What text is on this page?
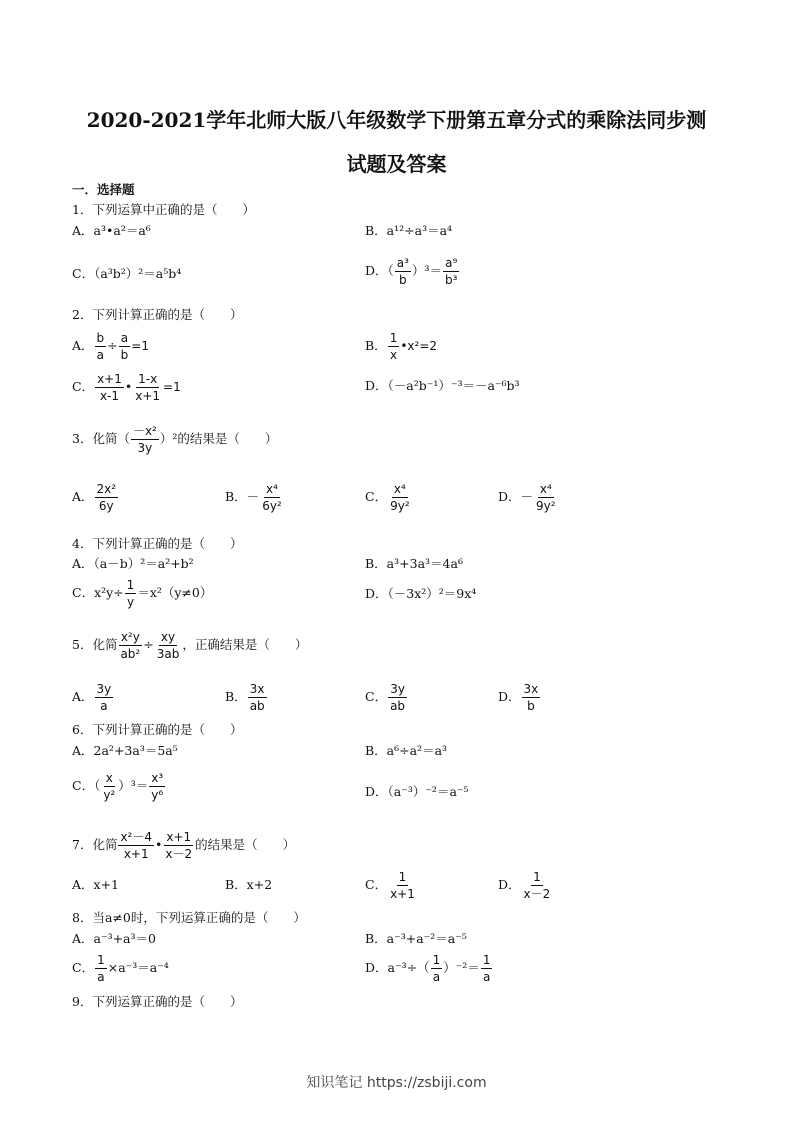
2020-2021学年北师大版八年级数学下册第五章分式的乘除法同步测
试题及答案
一．选择题
1．下列运算中正确的是（　　）
A．a³•a²＝a⁶	B．a¹²÷a³＝a⁴
C．（a³b²）²＝a⁵b⁴	D．（ $\frac{\text{a³}}{b} )^3= \frac{\text{a⁹}}{\text{b³}}$
2．下列计算正确的是（　　）
A． $\frac{b}{a} \div \frac{a}{b} =1$	B． $\frac{1}{x}$ •x²=2
C． $\frac{x+1}{x-1}$ • $\frac{1-x}{x+1} =1$	D．（－a²b⁻¹）⁻³＝－a⁻⁶b³
3．化简（ $\frac{\text{－x²}}{3y} )^2$的结果是（　　）
A． $\frac{\text{2x²}}{6y}$	B．－ $\frac{\text{x⁴}}{\text{6y²}}$	C． $\frac{\text{x⁴}}{\text{9y²}}$	D．－ $\frac{\text{x⁴}}{\text{9y²}}$
4．下列计算正确的是（　　）
A．（a－b）²＝a²+b²	B．a³+3a³＝4a⁶
C．$x^2y\div \frac{1}{y} =x^2(y\ne 0)$	D．（－3x²）²＝9x⁴
5．化简 $\frac{\text{x²y}}{\text{ab²}} \div \frac{xy}{3ab}$ ，正确结果是（　　）
A． $\frac{3y}{a}$	B． $\frac{3x}{ab}$	C． $\frac{3y}{ab}$	D． $\frac{3x}{b}$
6．下列计算正确的是（　　）
A．2a²+3a³＝5a⁵	B．a⁶÷a²＝a³
C．（ $\frac{x}{\text{y²}} )^3= \frac{\text{x³}}{\text{y⁶}}$	D．（a⁻³）⁻²＝a⁻⁵
7．化简 $\frac{\text{x²－4}}{x+1}$ • $\frac{x+1}{x-2}$ 的结果是（　　）
A．x+1	B．x+2	C． $\frac{1}{x+1}$	D． $\frac{1}{x-2}$
8．当a≠0时，下列运算正确的是（　　）
A．a⁻³+a³＝0	B．a⁻³+a⁻²＝a⁻⁵
C． $\frac{1}{a} \times a^{-3}=a^{-4}$	D．$a^{-3}\div( \frac{1}{a} )^{-2}= \frac{1}{a}$
9．下列运算正确的是（　　）
知识笔记 https://zsbiji.com
